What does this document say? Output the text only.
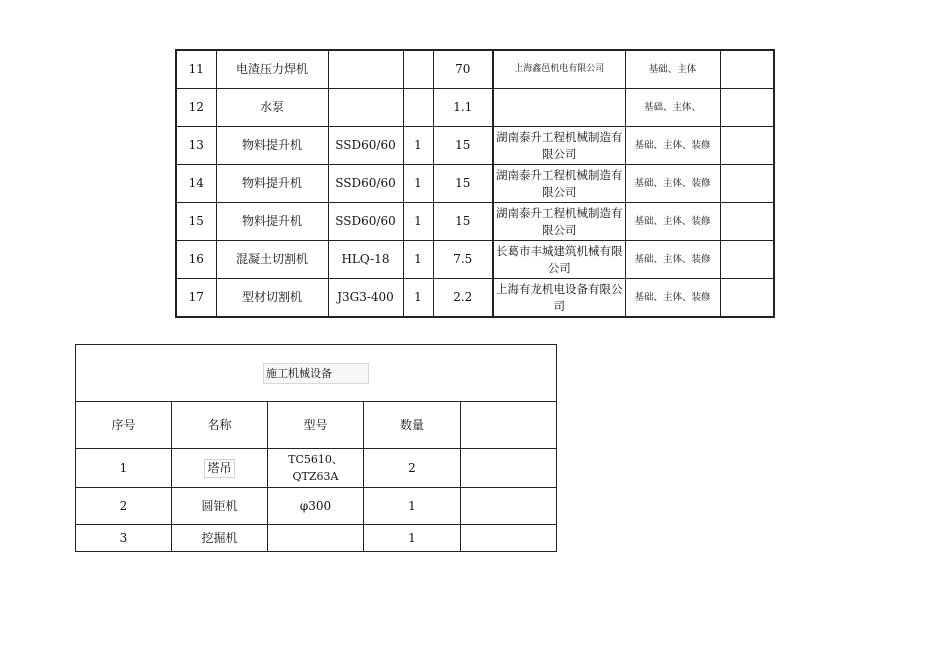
11	电渣压力焊机			70	上海鑫邑机电有限公司	基础、主体	
12	水泵			1.1		基础、主体、	
13	物料提升机	SSD60/60	1	15	湖南泰升工程机械制造有限公司	基础、主体、装修	
14	物料提升机	SSD60/60	1	15	湖南泰升工程机械制造有限公司	基础、主体、装修	
15	物料提升机	SSD60/60	1	15	湖南泰升工程机械制造有限公司	基础、主体、装修	
16	混凝土切割机	HLQ-18	1	7.5	长葛市丰城建筑机械有限公司	基础、主体、装修	
17	型材切割机	J3G3-400	1	2.2	上海有龙机电设备有限公司	基础、主体、装修	
施工机械设备				
序号	名称	型号	数量	
1	塔吊	TC5610、QTZ63A	2	
2	圆钜机	φ300	1	
3	挖掘机		1	
